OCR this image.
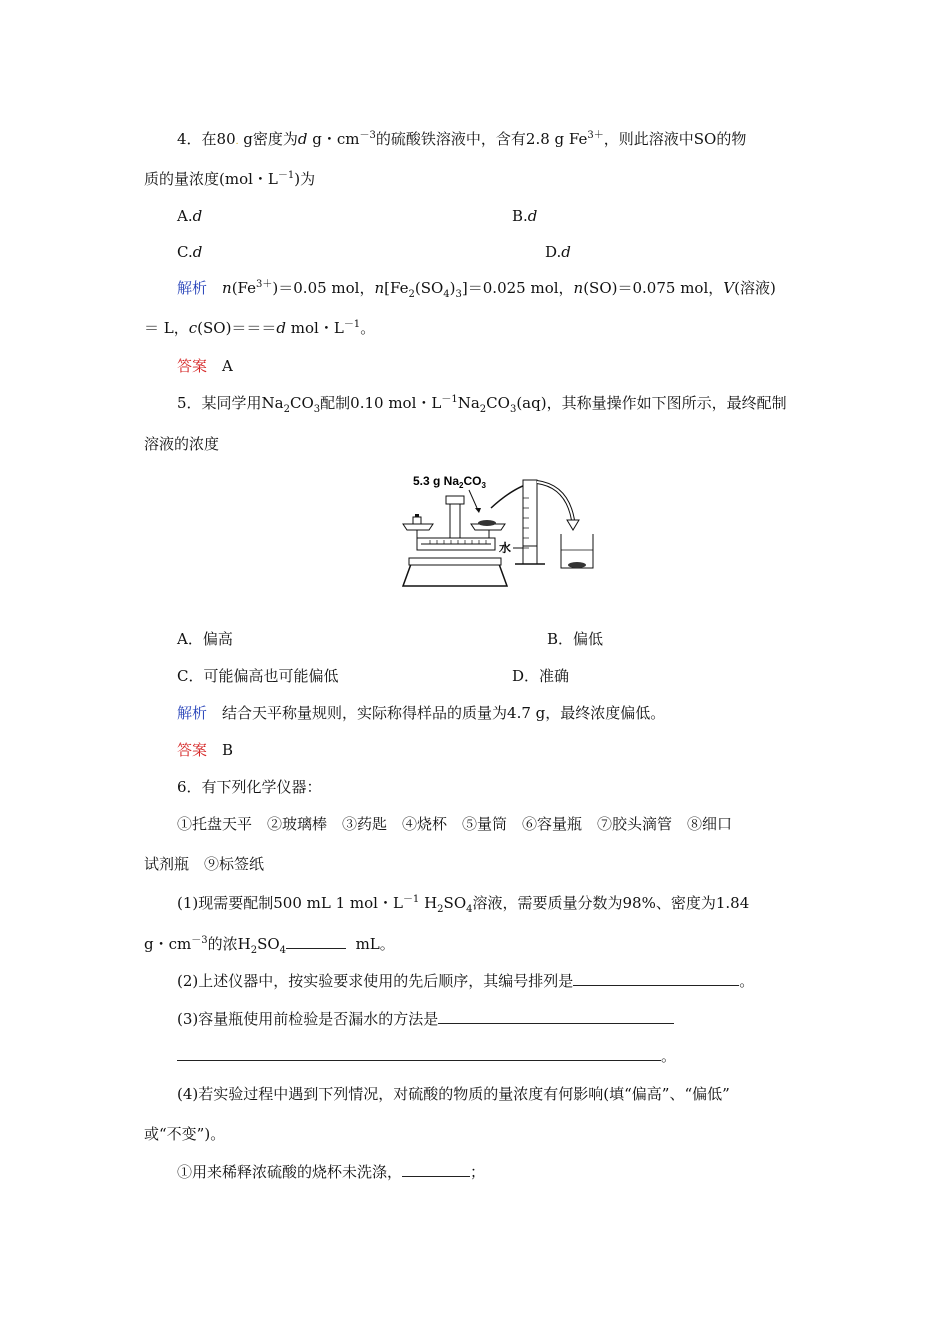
4．在80. g密度为d g・$cm^{-3}$的硫酸铁溶液中，含有2.8 g $Fe^{3+}$，则此溶液中SO的物
质的量浓度(mol・$L^{-1}$)为
A.d	B.d
C.d	D.d
解析　 $n(Fe^{3+})=0.05$ mol，$n[Fe_2(SO_4)_3]=0.025$ mol，n(SO)＝0.075 mol，V(溶液)
＝ L，c(SO)＝＝＝d mol・$L^{-1}$。
答案　 A
5．某同学用$Na_2CO_3$配制0.10 mol・$L^{-1}Na_2CO_3(aq)$，其称量操作如下图所示，最终配制
溶液的浓度
5.3 g $Na_2CO_3$
水
A．偏高	B．偏低
C．可能偏高也可能偏低	D．准确
解析　 结合天平称量规则，实际称得样品的质量为4.7 g，最终浓度偏低。
答案　 B
6．有下列化学仪器：
①托盘天平　②玻璃棒　③药匙　④烧杯　⑤量筒　⑥容量瓶　⑦胶头滴管　⑧细口
试剂瓶　⑨标签纸
(1)现需要配制500 mL 1 mol・$L^{-1}$ $H_2SO_4$溶液，需要质量分数为98%、密度为1.84
g・$cm^{-3}$的浓$H_2SO_4$	mL。
(2)上述仪器中，按实验要求使用的先后顺序，其编号排列是	。
(3)容量瓶使用前检验是否漏水的方法是
。
(4)若实验过程中遇到下列情况，对硫酸的物质的量浓度有何影响(填“偏高”、“偏低”
或“不变”)。
①用来稀释浓硫酸的烧杯未洗涤，	；
